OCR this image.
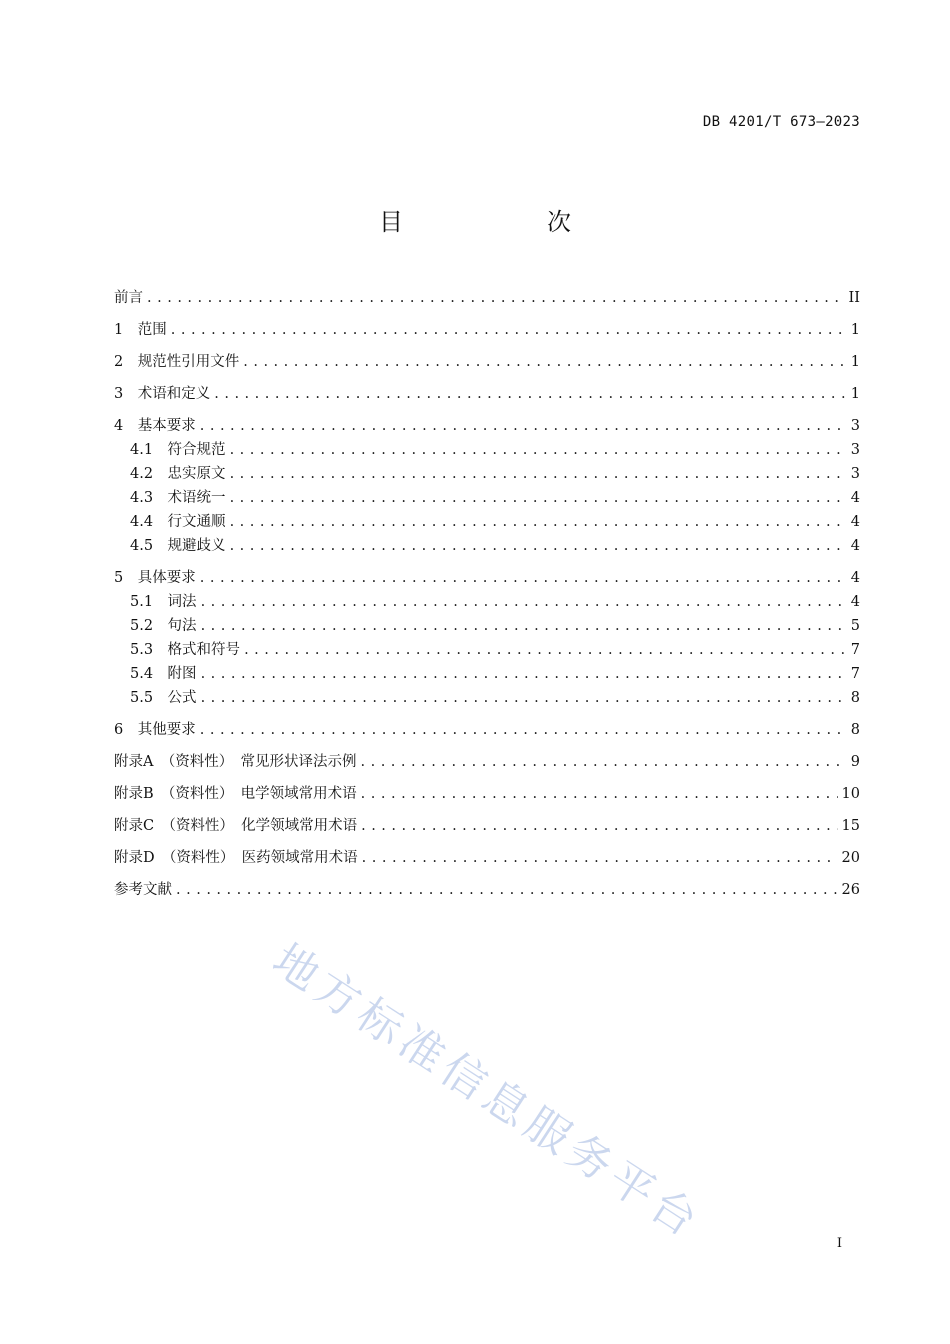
DB 4201/T 673—2023
目　次
前言 .....	II
1　范围 .....	1
2　规范性引用文件 .....	1
3　术语和定义 .....	1
4　基本要求 .....	3
4.1　符合规范 .....	3
4.2　忠实原文 .....	3
4.3　术语统一 .....	4
4.4　行文通顺 .....	4
4.5　规避歧义 .....	4
5　具体要求 .....	4
5.1　词法 .....	4
5.2　句法 .....	5
5.3　格式和符号 .....	7
5.4　附图 .....	7
5.5　公式 .....	8
6　其他要求 .....	8
附录A　（资料性）　常见形状译法示例 .....	9
附录B　（资料性）　电学领域常用术语 .....	10
附录C　（资料性）　化学领域常用术语 .....	15
附录D　（资料性）　医药领域常用术语 .....	20
参考文献 .....	26
地方标准信息服务平台	I
